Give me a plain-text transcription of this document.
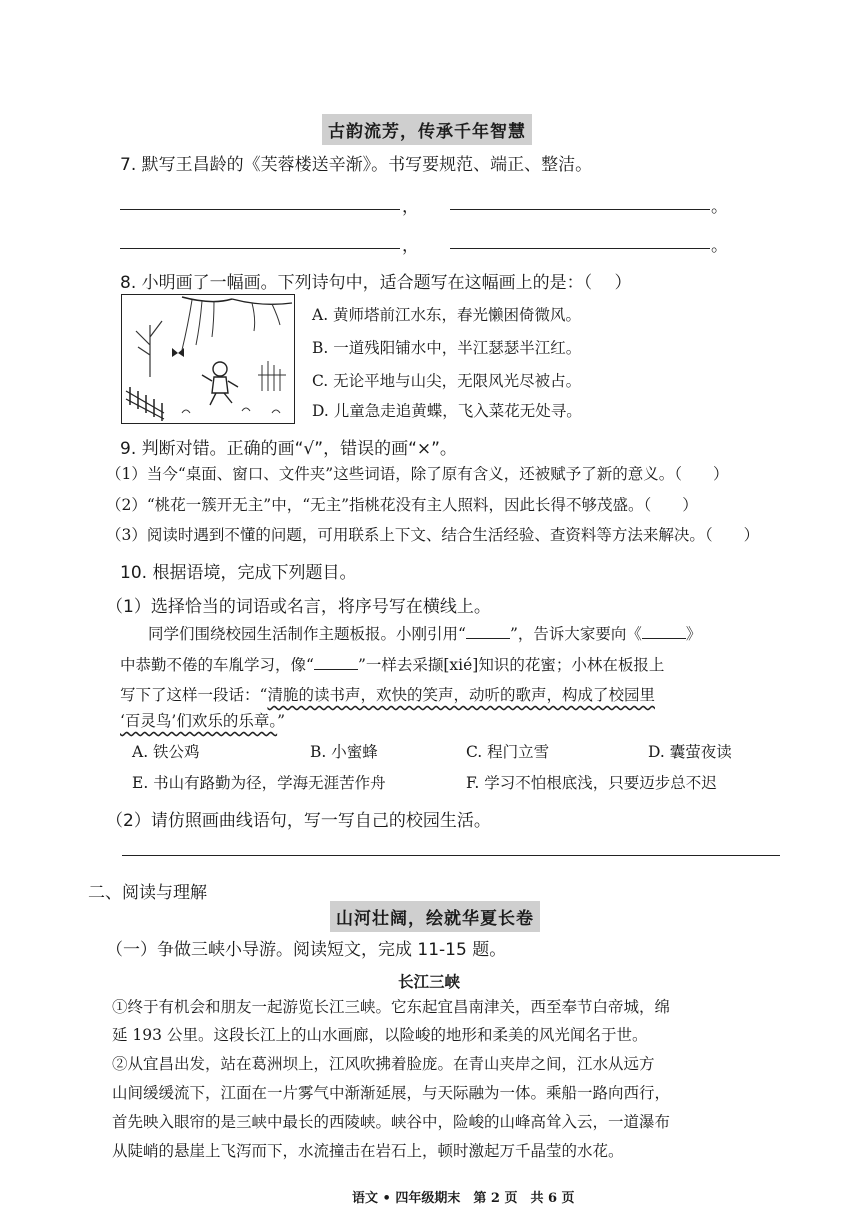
古韵流芳，传承千年智慧
7. 默写王昌龄的《芙蓉楼送辛渐》。书写要规范、端正、整洁。
，	。
，	。
8. 小明画了一幅画。下列诗句中，适合题写在这幅画上的是：（　 ）
A. 黄师塔前江水东，春光懒困倚微风。
B. 一道残阳铺水中，半江瑟瑟半江红。
C. 无论平地与山尖，无限风光尽被占。
D. 儿童急走追黄蝶，飞入菜花无处寻。
9. 判断对错。正确的画“√”，错误的画“×”。
（1）当今“桌面、窗口、文件夹”这些词语，除了原有含义，还被赋予了新的意义。（　　）
（2）“桃花一簇开无主”中，“无主”指桃花没有主人照料，因此长得不够茂盛。（　　）
（3）阅读时遇到不懂的问题，可用联系上下文、结合生活经验、查资料等方法来解决。（　　）
10. 根据语境，完成下列题目。
（1）选择恰当的词语或名言，将序号写在横线上。
同学们围绕校园生活制作主题板报。小刚引用“	”，告诉大家要向《	》
中恭勤不倦的车胤学习，像“	”一样去采撷[xié]知识的花蜜；小林在板报上
写下了这样一段话：“清脆的读书声，欢快的笑声，动听的歌声，构成了校园里
‘百灵鸟’们欢乐的乐章。”
A. 铁公鸡	B. 小蜜蜂	C. 程门立雪	D. 囊萤夜读
E. 书山有路勤为径，学海无涯苦作舟	F. 学习不怕根底浅，只要迈步总不迟
（2）请仿照画曲线语句，写一写自己的校园生活。
二、阅读与理解
山河壮阔，绘就华夏长卷
（一）争做三峡小导游。阅读短文，完成 11-15 题。
长江三峡
①终于有机会和朋友一起游览长江三峡。它东起宜昌南津关，西至奉节白帝城，绵
延 193 公里。这段长江上的山水画廊，以险峻的地形和柔美的风光闻名于世。
②从宜昌出发，站在葛洲坝上，江风吹拂着脸庞。在青山夹岸之间，江水从远方
山间缓缓流下，江面在一片雾气中渐渐延展，与天际融为一体。乘船一路向西行，
首先映入眼帘的是三峡中最长的西陵峡。峡谷中，险峻的山峰高耸入云，一道瀑布
从陡峭的悬崖上飞泻而下，水流撞击在岩石上，顿时激起万千晶莹的水花。
语文 • 四年级期末　第 2 页　共 6 页
